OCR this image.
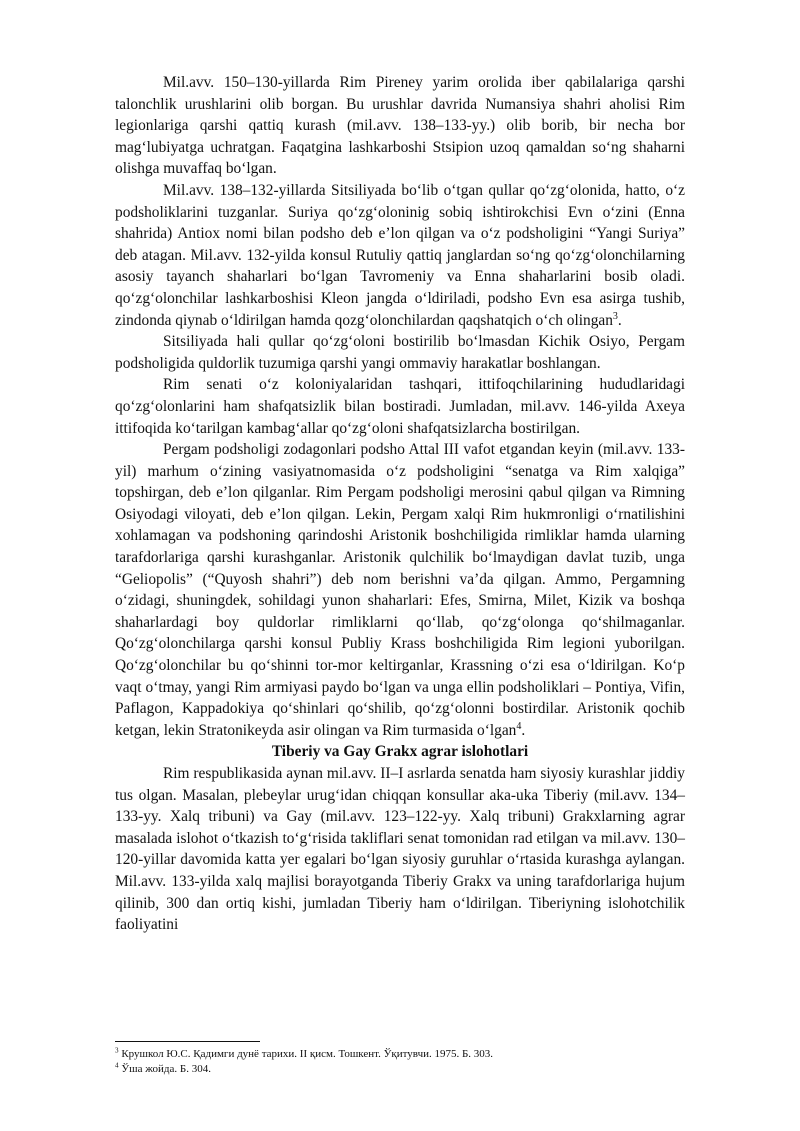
Mil.avv. 150–130-yillarda Rim Pireney yarim orolida iber qabilalariga qarshi talonchlik urushlarini olib borgan. Bu urushlar davrida Numansiya shahri aholisi Rim legionlariga qarshi qattiq kurash (mil.avv. 138–133-yy.) olib borib, bir necha bor mag‘lubiyatga uchratgan. Faqatgina lashkarboshi Stsipion uzoq qamaldan so‘ng shaharni olishga muvaffaq bo‘lgan.

Mil.avv. 138–132-yillarda Sitsiliyada bo‘lib o‘tgan qullar qo‘zg‘olonida, hatto, o‘z podsholiklarini tuzganlar. Suriya qo‘zg‘oloninig sobiq ishtirokchisi Evn o‘zini (Enna shahrida) Antiox nomi bilan podsho deb e’lon qilgan va o‘z podsholigini “Yangi Suriya” deb atagan. Mil.avv. 132-yilda konsul Rutuliy qattiq janglardan so‘ng qo‘zg‘olonchilarning asosiy tayanch shaharlari bo‘lgan Tavromeniy va Enna shaharlarini bosib oladi. qo‘zg‘olonchilar lashkarboshisi Kleon jangda o‘ldiriladi, podsho Evn esa asirga tushib, zindonda qiynab o‘ldirilgan hamda qozg‘olonchilardan qaqshatqich o‘ch olingan$^3$.

Sitsiliyada hali qullar qo‘zg‘oloni bostirilib bo‘lmasdan Kichik Osiyo, Pergam podsholigida quldorlik tuzumiga qarshi yangi ommaviy harakatlar boshlangan.

Rim senati o‘z koloniyalaridan tashqari, ittifoqchilarining hududlaridagi qo‘zg‘olonlarini ham shafqatsizlik bilan bostiradi. Jumladan, mil.avv. 146-yilda Axeya ittifoqida ko‘tarilgan kambag‘allar qo‘zg‘oloni shafqatsizlarcha bostirilgan.

Pergam podsholigi zodagonlari podsho Attal III vafot etgandan keyin (mil.avv. 133-yil) marhum o‘zining vasiyatnomasida o‘z podsholigini “senatga va Rim xalqiga” topshirgan, deb e’lon qilganlar. Rim Pergam podsholigi merosini qabul qilgan va Rimning Osiyodagi viloyati, deb e’lon qilgan. Lekin, Pergam xalqi Rim hukmronligi o‘rnatilishini xohlamagan va podshoning qarindoshi Aristonik boshchiligida rimliklar hamda ularning tarafdorlariga qarshi kurashganlar. Aristonik qulchilik bo‘lmaydigan davlat tuzib, unga “Geliopolis” (“Quyosh shahri”) deb nom berishni va’da qilgan. Ammo, Pergamning o‘zidagi, shuningdek, sohildagi yunon shaharlari: Efes, Smirna, Milet, Kizik va boshqa shaharlardagi boy quldorlar rimliklarni qo‘llab, qo‘zg‘olonga qo‘shilmaganlar. Qo‘zg‘olonchilarga qarshi konsul Publiy Krass boshchiligida Rim legioni yuborilgan. Qo‘zg‘olonchilar bu qo‘shinni tor-mor keltirganlar, Krassning o‘zi esa o‘ldirilgan. Ko‘p vaqt o‘tmay, yangi Rim armiyasi paydo bo‘lgan va unga ellin podsholiklari – Pontiya, Vifin, Paflagon, Kappadokiya qo‘shinlari qo‘shilib, qo‘zg‘olonni bostirdilar. Aristonik qochib ketgan, lekin Stratonikeyda asir olingan va Rim turmasida o‘lgan$^4$.

Tiberiy va Gay Grakx agrar islohotlari

Rim respublikasida aynan mil.avv. II–I asrlarda senatda ham siyosiy kurashlar jiddiy tus olgan. Masalan, plebeylar urug‘idan chiqqan konsullar aka-uka Tiberiy (mil.avv. 134–133-yy. Xalq tribuni) va Gay (mil.avv. 123–122-yy. Xalq tribuni) Grakxlarning agrar masalada islohot o‘tkazish to‘g‘risida takliflari senat tomonidan rad etilgan va mil.avv. 130–120-yillar davomida katta yer egalari bo‘lgan siyosiy guruhlar o‘rtasida kurashga aylangan. Mil.avv. 133-yilda xalq majlisi borayotganda Tiberiy Grakx va uning tarafdorlariga hujum qilinib, 300 dan ortiq kishi, jumladan Tiberiy ham o‘ldirilgan. Tiberiyning islohotchilik faoliyatini

$^3$ Крушкол Ю.С. Қадимги дунё тарихи. II қисм. Тошкент. Ўқитувчи. 1975. Б. 303.

$^4$ Ўша жойда. Б. 304.
